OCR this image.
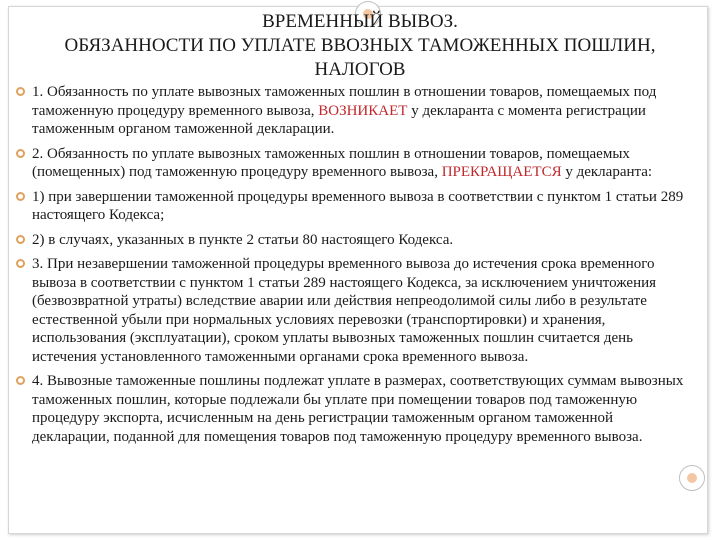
ВРЕМЕННЫЙ ВЫВОЗ.
ОБЯЗАННОСТИ ПО УПЛАТЕ ВВОЗНЫХ ТАМОЖЕННЫХ ПОШЛИН,
НАЛОГОВ
1. Обязанность по уплате вывозных таможенных пошлин в отношении товаров, помещаемых под таможенную процедуру временного вывоза, ВОЗНИКАЕТ у декларанта с момента регистрации таможенным органом таможенной декларации.
2. Обязанность по уплате вывозных таможенных пошлин в отношении товаров, помещаемых (помещенных) под таможенную процедуру временного вывоза, ПРЕКРАЩАЕТСЯ у декларанта:
1) при завершении таможенной процедуры временного вывоза в соответствии с пунктом 1 статьи 289 настоящего Кодекса;
2) в случаях, указанных в пункте 2 статьи 80 настоящего Кодекса.
3. При незавершении таможенной процедуры временного вывоза до истечения срока временного вывоза в соответствии с пунктом 1 статьи 289 настоящего Кодекса, за исключением уничтожения (безвозвратной утраты) вследствие аварии или действия непреодолимой силы либо в результате естественной убыли при нормальных условиях перевозки (транспортировки) и хранения, использования (эксплуатации), сроком уплаты вывозных таможенных пошлин считается день истечения установленного таможенными органами срока временного вывоза.
4. Вывозные таможенные пошлины подлежат уплате в размерах, соответствующих суммам вывозных таможенных пошлин, которые подлежали бы уплате при помещении товаров под таможенную процедуру экспорта, исчисленным на день регистрации таможенным органом таможенной декларации, поданной для помещения товаров под таможенную процедуру временного вывоза.
